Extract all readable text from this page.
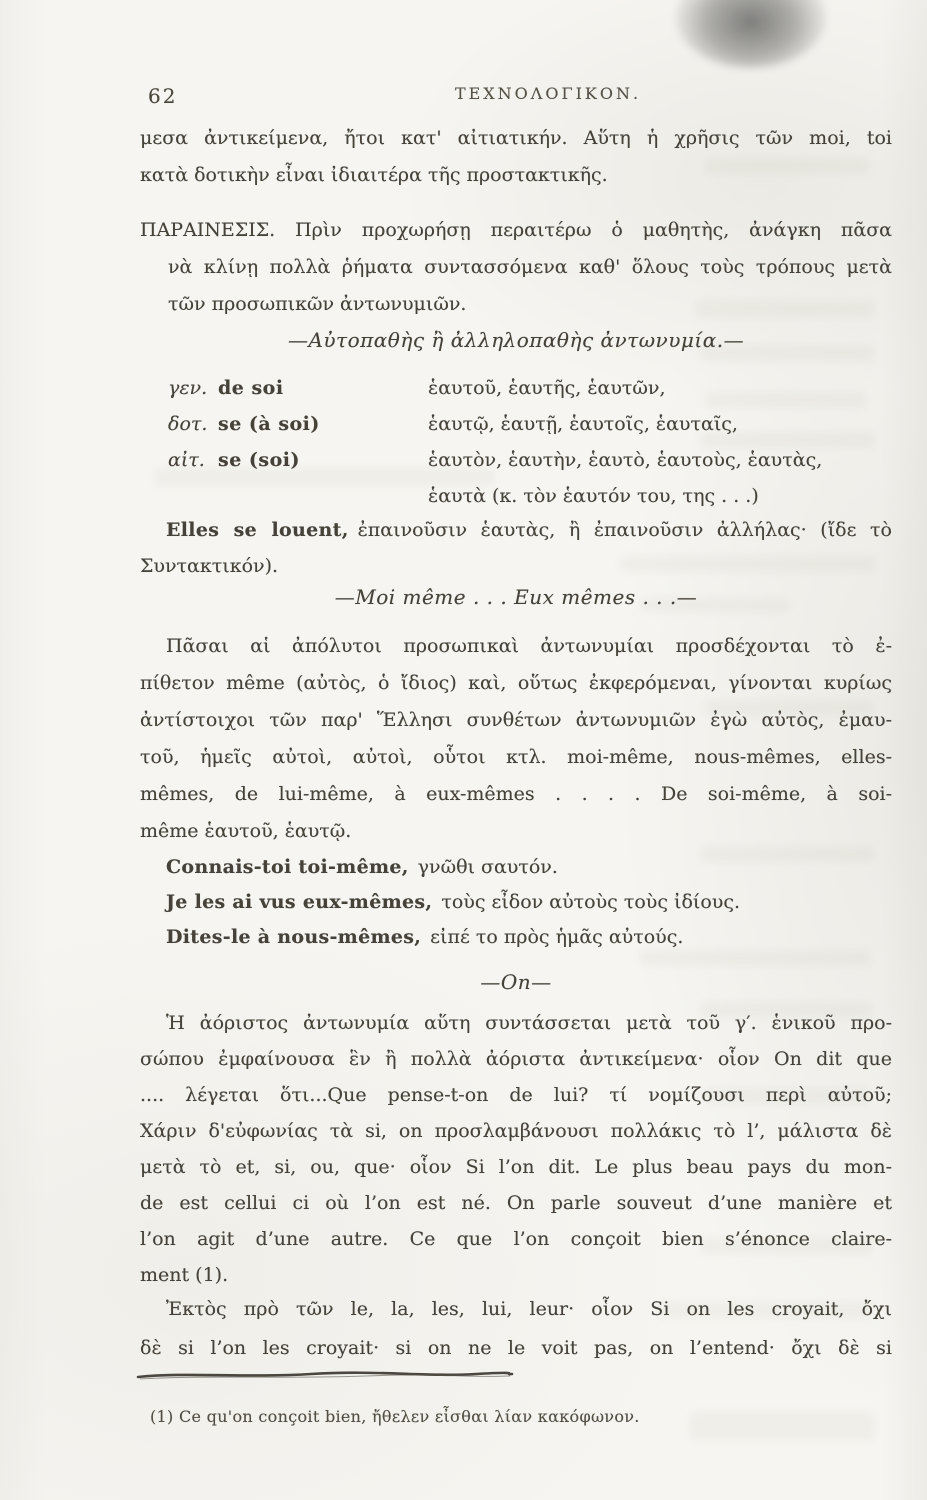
62	ΤΕΧΝΟΛΟΓΙΚΟΝ.
μεσα ἀντικείμενα, ἤτοι κατ' αἰτιατικήν. Αὕτη ἡ χρῆσις τῶν moi, toi
κατὰ δοτικὴν εἶναι ἰδιαιτέρα τῆς προστακτικῆς.
ΠΑΡΑΙΝΕΣΙΣ. Πρὶν προχωρήσῃ περαιτέρω ὁ μαθητὴς, ἀνάγκη πᾶσα
νὰ κλίνῃ πολλὰ ῥήματα συντασσόμενα καθ' ὅλους τοὺς τρόπους μετὰ
τῶν προσωπικῶν ἀντωνυμιῶν.
—Αὐτοπαθὴς ἢ ἀλληλοπαθὴς ἀντωνυμία.—
γεν. de soi	ἑαυτοῦ, ἑαυτῆς, ἑαυτῶν,
δοτ. se (à soi)	ἑαυτῷ, ἑαυτῇ, ἑαυτοῖς, ἑαυταῖς,
αἰτ. se (soi)	ἑαυτὸν, ἑαυτὴν, ἑαυτὸ, ἑαυτοὺς, ἑαυτὰς,
ἑαυτὰ (κ. τὸν ἑαυτόν του, της . . .)
Elles se louent, ἐπαινοῦσιν ἑαυτὰς, ἢ ἐπαινοῦσιν ἀλλήλας· (ἴδε τὸ
Συντακτικόν).
—Moi même . . . Eux mêmes . . .—
Πᾶσαι αἱ ἀπόλυτοι προσωπικαὶ ἀντωνυμίαι προσδέχονται τὸ ἐ-
πίθετον même (αὐτὸς, ὁ ἴδιος) καὶ, οὕτως ἐκφερόμεναι, γίνονται κυρίως
ἀντίστοιχοι τῶν παρ' Ἕλλησι συνθέτων ἀντωνυμιῶν ἐγὼ αὐτὸς, ἐμαυ-
τοῦ, ἡμεῖς αὐτοὶ, αὐτοὶ, οὗτοι κτλ. moi-même, nous-mêmes, elles-
mêmes, de lui-même, à eux-mêmes . . . . De soi-même, à soi-
même ἑαυτοῦ, ἑαυτῷ.
Connais-toi toi-même, γνῶθι σαυτόν.
Je les ai vus eux-mêmes, τοὺς εἶδον αὐτοὺς τοὺς ἰδίους.
Dites-le à nous-mêmes, εἰπέ το πρὸς ἡμᾶς αὐτούς.
—On—
Ἡ ἀόριστος ἀντωνυμία αὕτη συντάσσεται μετὰ τοῦ γ′. ἑνικοῦ προ-
σώπου ἐμφαίνουσα ἓν ἢ πολλὰ ἀόριστα ἀντικείμενα· οἷον On dit que
.... λέγεται ὅτι...Que pense-t-on de lui? τί νομίζουσι περὶ αὐτοῦ;
Χάριν δ'εὐφωνίας τὰ si, on προσλαμβάνουσι πολλάκις τὸ l’, μάλιστα δὲ
μετὰ τὸ et, si, ou, que· οἷον Si l’on dit. Le plus beau pays du mon-
de est cellui ci où l’on est né. On parle souveut d’une manière et
l’on agit d’une autre. Ce que l’on conçoit bien s’énonce claire-
ment (1).
Ἐκτὸς πρὸ τῶν le, la, les, lui, leur· οἷον Si on les croyait, ὄχι
δὲ si l’on les croyait· si on ne le voit pas, on l’entend· ὄχι δὲ si
(1) Ce qu'on conçoit bien, ἤθελεν εἶσθαι λίαν κακόφωνον.
